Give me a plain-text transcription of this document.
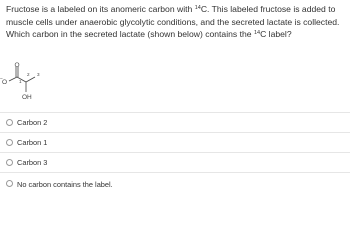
Fructose is a labeled on its anomeric carbon with $^{14}$C. This labeled fructose is added to muscle cells under anaerobic glycolytic conditions, and the secreted lactate is collected. Which carbon in the secreted lactate (shown below) contains the $^{14}$C label?
O
O
−	1
2 3
OH
Carbon 2
Carbon 1
Carbon 3
No carbon contains the label.
